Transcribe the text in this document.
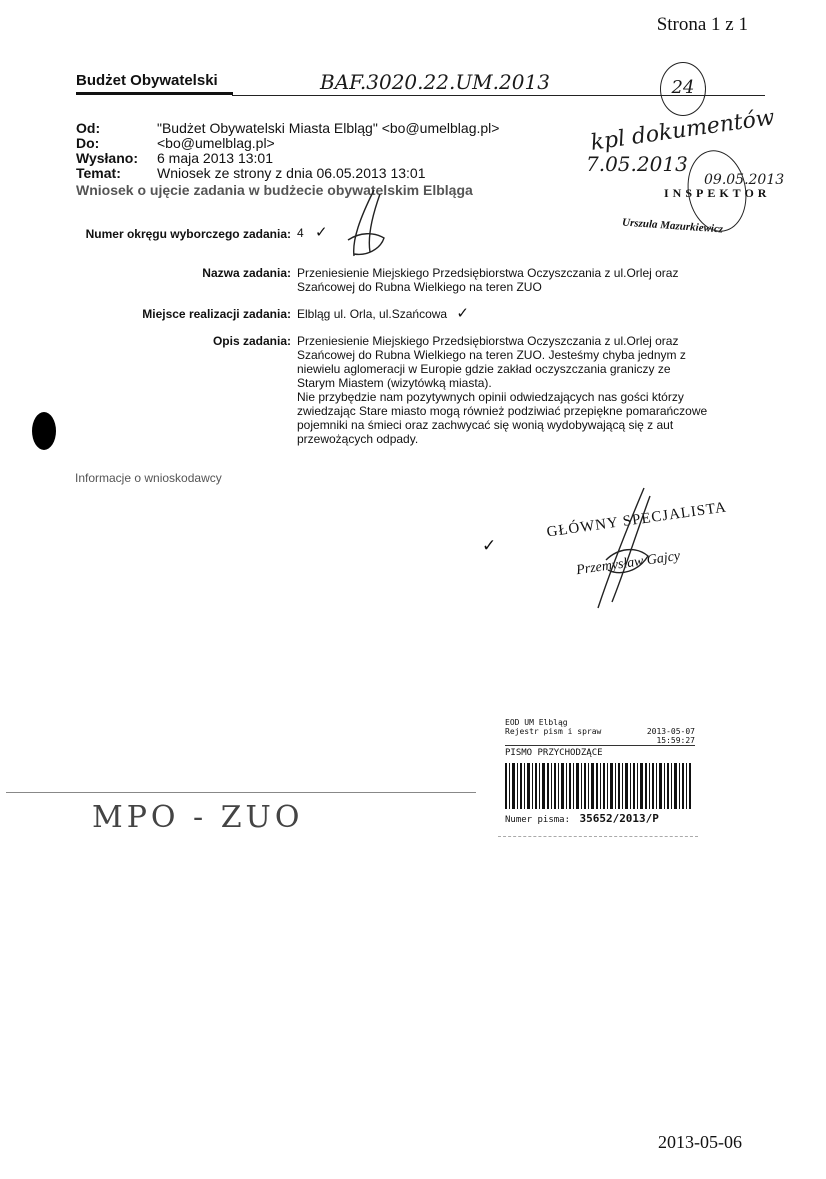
Strona 1 z 1
Budżet Obywatelski	BAF.3020.22.UM.2013	24
Od:	"Budżet Obywatelski Miasta Elbląg" <bo@umelblag.pl>
Do:	<bo@umelblag.pl>
Wysłano: 6 maja 2013 13:01
Temat:	Wniosek ze strony z dnia 06.05.2013 13:01
kpl dokumentów
7.05.2013
09.05.2013
INSPEKTOR
Urszula Mazurkiewicz
Wniosek o ujęcie zadania w budżecie obywatelskim Elbląga
Numer okręgu wyborczego zadania: 4 ✓
Nazwa zadania: Przeniesienie Miejskiego Przedsiębiorstwa Oczyszczania z ul.Orlej oraz Szańcowej do Rubna Wielkiego na teren ZUO
Miejsce realizacji zadania: Elbląg ul. Orla, ul.Szańcowa ✓
Opis zadania: Przeniesienie Miejskiego Przedsiębiorstwa Oczyszczania z ul.Orlej oraz Szańcowej do Rubna Wielkiego na teren ZUO. Jesteśmy chyba jednym z niewielu aglomeracji w Europie gdzie zakład oczyszczania graniczy ze Starym Miastem (wizytówką miasta).
Nie przybędzie nam pozytywnych opinii odwiedzających nas gości którzy zwiedzając Stare miasto mogą również podziwiać przepiękne pomarańczowe pojemniki na śmieci oraz zachwycać się wonią wydobywającą się z aut przewożących odpady.
Informacje o wnioskodawcy
✓
GŁÓWNY SPECJALISTA
Przemysław Gajcy
EOD UM Elbląg
Rejestr pism i spraw	2013-05-07
15:59:27
PISMO PRZYCHODZĄCE
Numer pisma: 35652/2013/P
MPO - ZUO
2013-05-06
